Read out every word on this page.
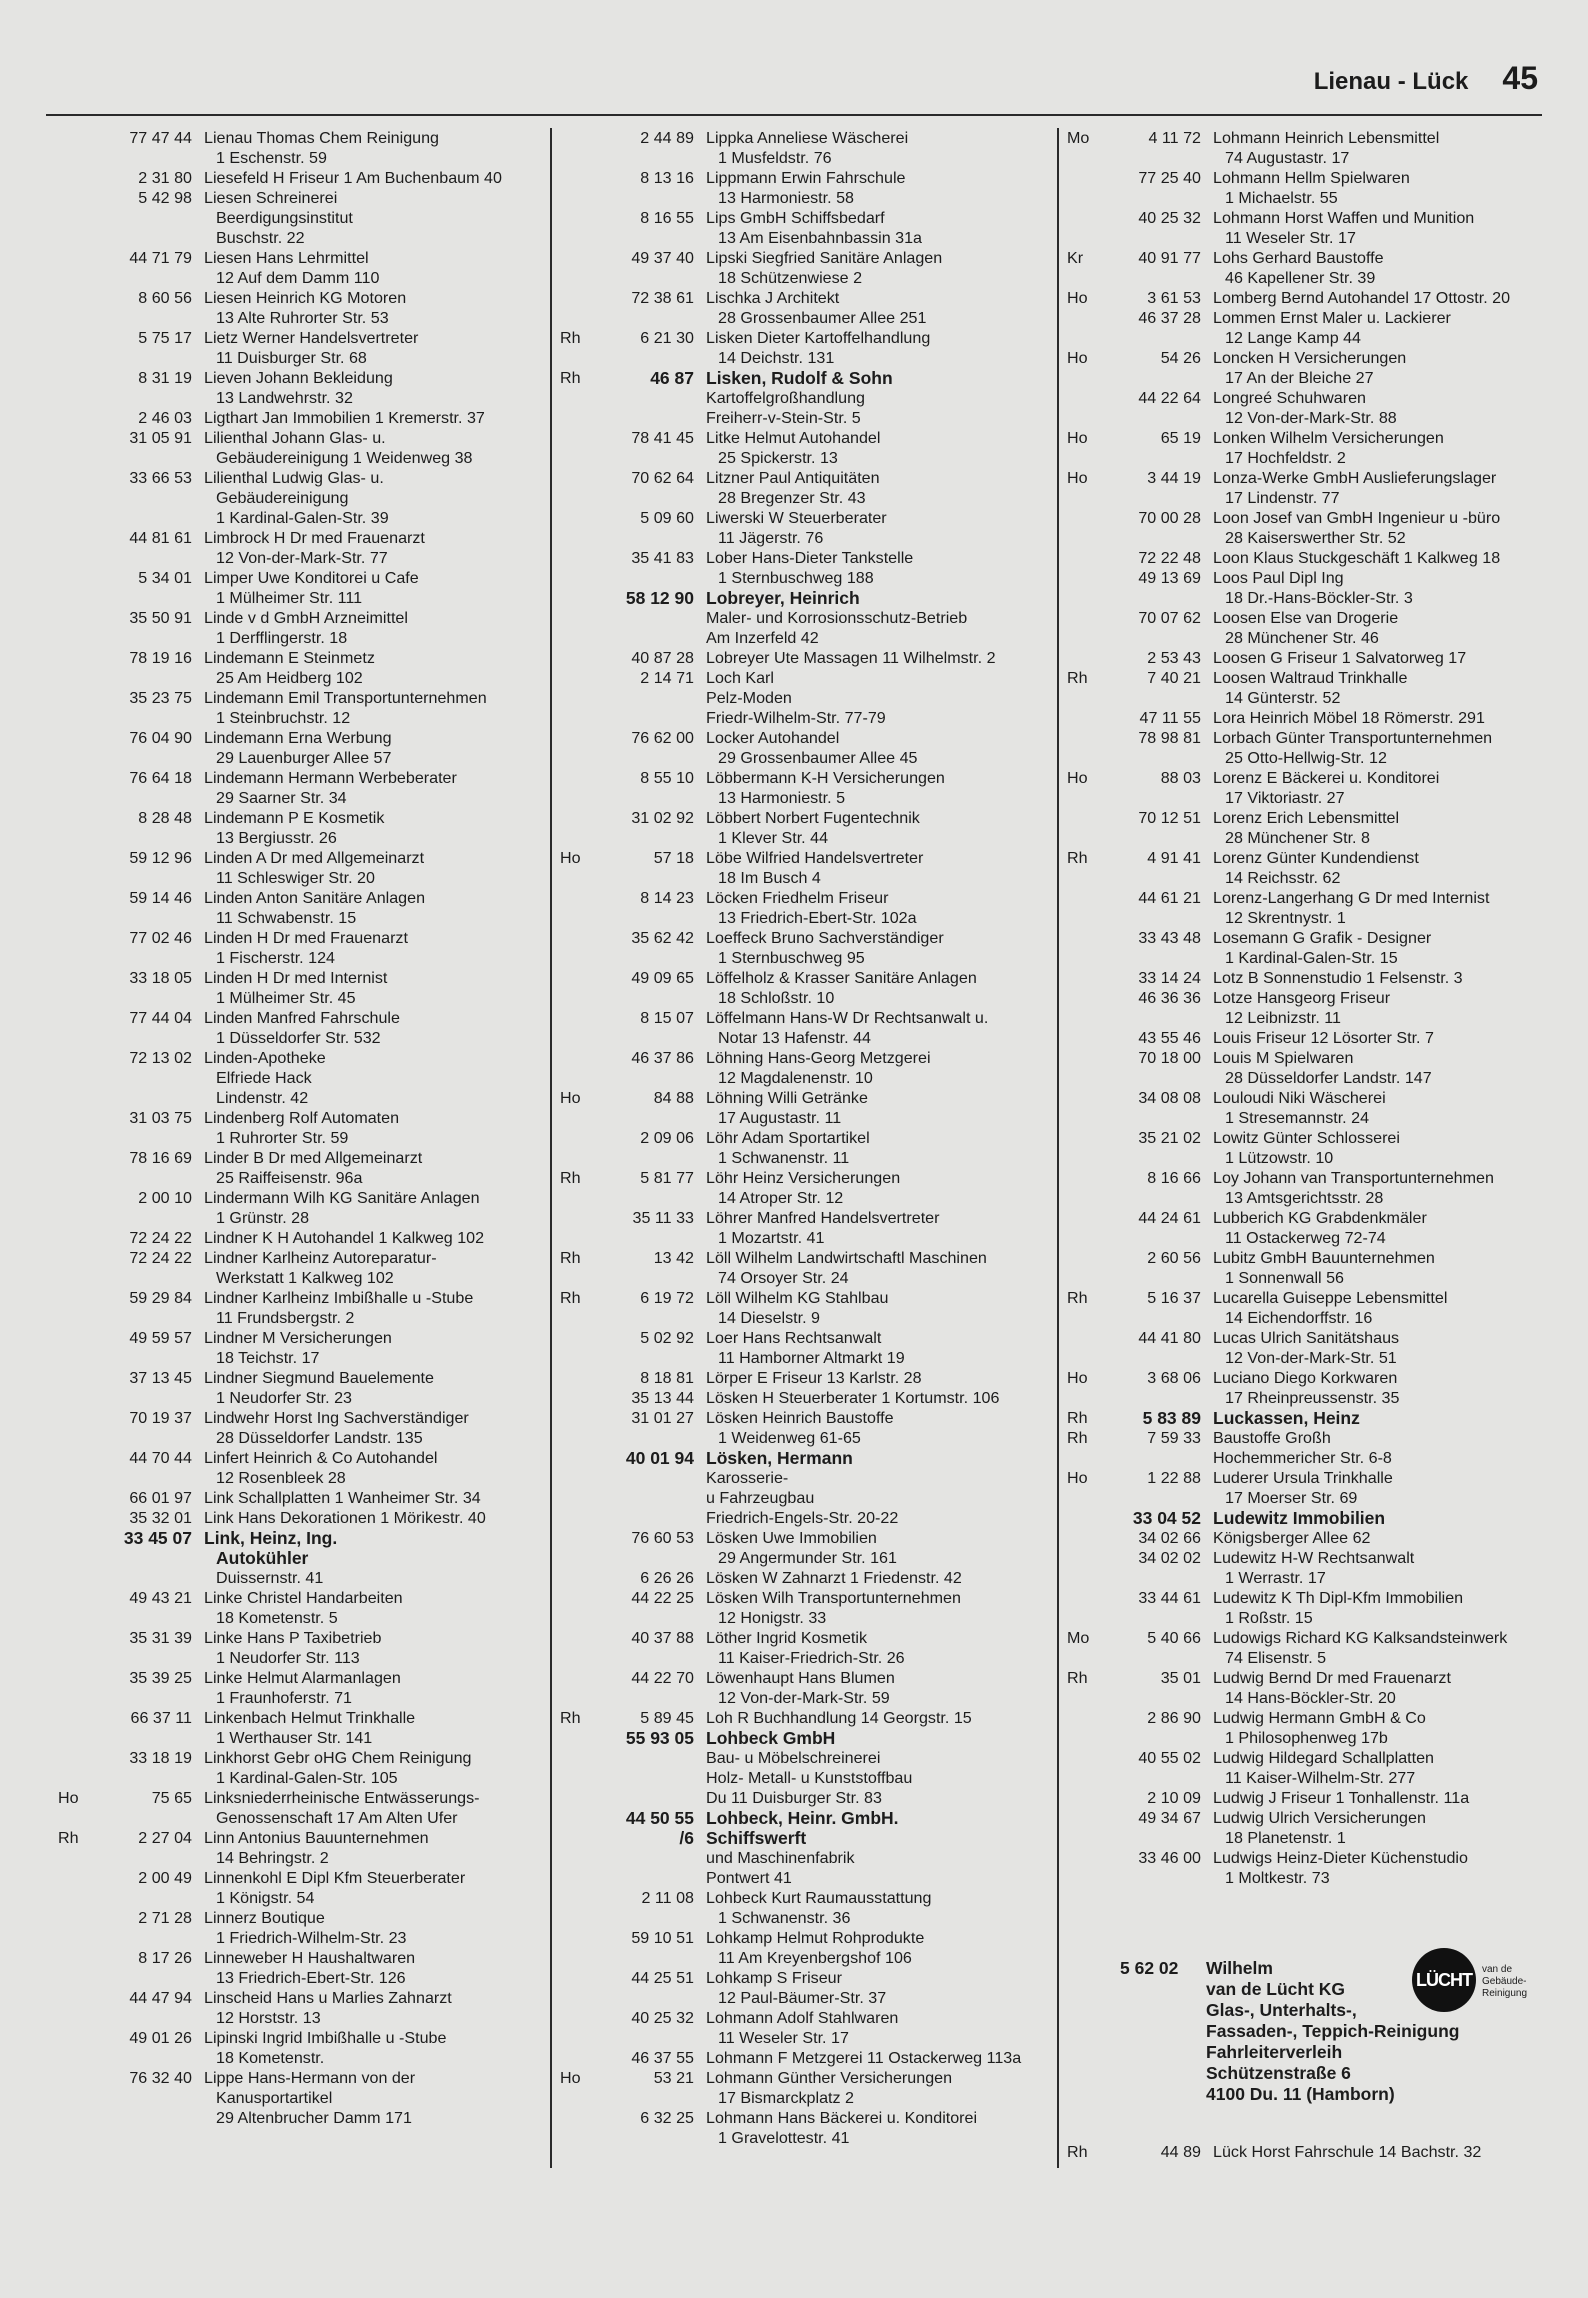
Lienau - Lück 45
77 47 44 Lienau Thomas Chem Reinigung
1 Eschenstr. 59
2 31 80 Liesefeld H Friseur 1 Am Buchenbaum 40
5 42 98 Liesen Schreinerei
Beerdigungsinstitut
Buschstr. 22
44 71 79 Liesen Hans Lehrmittel
12 Auf dem Damm 110
8 60 56 Liesen Heinrich KG Motoren
13 Alte Ruhrorter Str. 53
5 75 17 Lietz Werner Handelsvertreter
11 Duisburger Str. 68
8 31 19 Lieven Johann Bekleidung
13 Landwehrstr. 32
2 46 03 Ligthart Jan Immobilien 1 Kremerstr. 37
31 05 91 Lilienthal Johann Glas- u.
Gebäudereinigung 1 Weidenweg 38
33 66 53 Lilienthal Ludwig Glas- u.
Gebäudereinigung
1 Kardinal-Galen-Str. 39
44 81 61 Limbrock H Dr med Frauenarzt
12 Von-der-Mark-Str. 77
5 34 01 Limper Uwe Konditorei u Cafe
1 Mülheimer Str. 111
35 50 91 Linde v d GmbH Arzneimittel
1 Derfflingerstr. 18
78 19 16 Lindemann E Steinmetz
25 Am Heidberg 102
35 23 75 Lindemann Emil Transportunternehmen
1 Steinbruchstr. 12
76 04 90 Lindemann Erna Werbung
29 Lauenburger Allee 57
76 64 18 Lindemann Hermann Werbeberater
29 Saarner Str. 34
8 28 48 Lindemann P E Kosmetik
13 Bergiusstr. 26
59 12 96 Linden A Dr med Allgemeinarzt
11 Schleswiger Str. 20
59 14 46 Linden Anton Sanitäre Anlagen
11 Schwabenstr. 15
77 02 46 Linden H Dr med Frauenarzt
1 Fischerstr. 124
33 18 05 Linden H Dr med Internist
1 Mülheimer Str. 45
77 44 04 Linden Manfred Fahrschule
1 Düsseldorfer Str. 532
72 13 02 Linden-Apotheke
Elfriede Hack
Lindenstr. 42
31 03 75 Lindenberg Rolf Automaten
1 Ruhrorter Str. 59
78 16 69 Linder B Dr med Allgemeinarzt
25 Raiffeisenstr. 96a
2 00 10 Lindermann Wilh KG Sanitäre Anlagen
1 Grünstr. 28
72 24 22 Lindner K H Autohandel 1 Kalkweg 102
72 24 22 Lindner Karlheinz Autoreparatur-
Werkstatt 1 Kalkweg 102
59 29 84 Lindner Karlheinz Imbißhalle u -Stube
11 Frundsbergstr. 2
49 59 57 Lindner M Versicherungen
18 Teichstr. 17
37 13 45 Lindner Siegmund Bauelemente
1 Neudorfer Str. 23
70 19 37 Lindwehr Horst Ing Sachverständiger
28 Düsseldorfer Landstr. 135
44 70 44 Linfert Heinrich & Co Autohandel
12 Rosenbleek 28
66 01 97 Link Schallplatten 1 Wanheimer Str. 34
35 32 01 Link Hans Dekorationen 1 Mörikestr. 40
33 45 07 Link, Heinz, Ing.
Autokühler
Duissernstr. 41
49 43 21 Linke Christel Handarbeiten
18 Kometenstr. 5
35 31 39 Linke Hans P Taxibetrieb
1 Neudorfer Str. 113
35 39 25 Linke Helmut Alarmanlagen
1 Fraunhoferstr. 71
66 37 11 Linkenbach Helmut Trinkhalle
1 Werthauser Str. 141
33 18 19 Linkhorst Gebr oHG Chem Reinigung
1 Kardinal-Galen-Str. 105
Ho	75 65 Linksniederrheinische Entwässerungs-
Genossenschaft 17 Am Alten Ufer
Rh	2 27 04 Linn Antonius Bauunternehmen
14 Behringstr. 2
2 00 49 Linnenkohl E Dipl Kfm Steuerberater
1 Königstr. 54
2 71 28 Linnerz Boutique
1 Friedrich-Wilhelm-Str. 23
8 17 26 Linneweber H Haushaltwaren
13 Friedrich-Ebert-Str. 126
44 47 94 Linscheid Hans u Marlies Zahnarzt
12 Horststr. 13
49 01 26 Lipinski Ingrid Imbißhalle u -Stube
18 Kometenstr.
76 32 40 Lippe Hans-Hermann von der
Kanusportartikel
29 Altenbrucher Damm 171
2 44 89 Lippka Anneliese Wäscherei
1 Musfeldstr. 76
8 13 16 Lippmann Erwin Fahrschule
13 Harmoniestr. 58
8 16 55 Lips GmbH Schiffsbedarf
13 Am Eisenbahnbassin 31a
49 37 40 Lipski Siegfried Sanitäre Anlagen
18 Schützenwiese 2
72 38 61 Lischka J Architekt
28 Grossenbaumer Allee 251
Rh	6 21 30 Lisken Dieter Kartoffelhandlung
14 Deichstr. 131
Rh	46 87 Lisken, Rudolf & Sohn
Kartoffelgroßhandlung
Freiherr-v-Stein-Str. 5
78 41 45 Litke Helmut Autohandel
25 Spickerstr. 13
70 62 64 Litzner Paul Antiquitäten
28 Bregenzer Str. 43
5 09 60 Liwerski W Steuerberater
11 Jägerstr. 76
35 41 83 Lober Hans-Dieter Tankstelle
1 Sternbuschweg 188
58 12 90 Lobreyer, Heinrich
Maler- und Korrosionsschutz-Betrieb
Am Inzerfeld 42
40 87 28 Lobreyer Ute Massagen 11 Wilhelmstr. 2
2 14 71 Loch Karl
Pelz-Moden
Friedr-Wilhelm-Str. 77-79
76 62 00 Locker Autohandel
29 Grossenbaumer Allee 45
8 55 10 Löbbermann K-H Versicherungen
13 Harmoniestr. 5
31 02 92 Löbbert Norbert Fugentechnik
1 Klever Str. 44
Ho	57 18 Löbe Wilfried Handelsvertreter
18 Im Busch 4
8 14 23 Löcken Friedhelm Friseur
13 Friedrich-Ebert-Str. 102a
35 62 42 Loeffeck Bruno Sachverständiger
1 Sternbuschweg 95
49 09 65 Löffelholz & Krasser Sanitäre Anlagen
18 Schloßstr. 10
8 15 07 Löffelmann Hans-W Dr Rechtsanwalt u.
Notar 13 Hafenstr. 44
46 37 86 Löhning Hans-Georg Metzgerei
12 Magdalenenstr. 10
Ho	84 88 Löhning Willi Getränke
17 Augustastr. 11
2 09 06 Löhr Adam Sportartikel
1 Schwanenstr. 11
Rh	5 81 77 Löhr Heinz Versicherungen
14 Atroper Str. 12
35 11 33 Löhrer Manfred Handelsvertreter
1 Mozartstr. 41
Rh	13 42 Löll Wilhelm Landwirtschaftl Maschinen
74 Orsoyer Str. 24
Rh	6 19 72 Löll Wilhelm KG Stahlbau
14 Dieselstr. 9
5 02 92 Loer Hans Rechtsanwalt
11 Hamborner Altmarkt 19
8 18 81 Lörper E Friseur 13 Karlstr. 28
35 13 44 Lösken H Steuerberater 1 Kortumstr. 106
31 01 27 Lösken Heinrich Baustoffe
1 Weidenweg 61-65
40 01 94 Lösken, Hermann
Karosserie-
u Fahrzeugbau
Friedrich-Engels-Str. 20-22
76 60 53 Lösken Uwe Immobilien
29 Angermunder Str. 161
6 26 26 Lösken W Zahnarzt 1 Friedenstr. 42
44 22 25 Lösken Wilh Transportunternehmen
12 Honigstr. 33
40 37 88 Löther Ingrid Kosmetik
11 Kaiser-Friedrich-Str. 26
44 22 70 Löwenhaupt Hans Blumen
12 Von-der-Mark-Str. 59
Rh	5 89 45 Loh R Buchhandlung 14 Georgstr. 15
55 93 05 Lohbeck GmbH
Bau- u Möbelschreinerei
Holz- Metall- u Kunststoffbau
Du 11 Duisburger Str. 83
44 50 55 Lohbeck, Heinr. GmbH.
/6 Schiffswerft
und Maschinenfabrik
Pontwert 41
2 11 08 Lohbeck Kurt Raumausstattung
1 Schwanenstr. 36
59 10 51 Lohkamp Helmut Rohprodukte
11 Am Kreyenbergshof 106
44 25 51 Lohkamp S Friseur
12 Paul-Bäumer-Str. 37
40 25 32 Lohmann Adolf Stahlwaren
11 Weseler Str. 17
46 37 55 Lohmann F Metzgerei 11 Ostackerweg 113a
Ho	53 21 Lohmann Günther Versicherungen
17 Bismarckplatz 2
6 32 25 Lohmann Hans Bäckerei u. Konditorei
1 Gravelottestr. 41
Mo	4 11 72 Lohmann Heinrich Lebensmittel
74 Augustastr. 17
77 25 40 Lohmann Hellm Spielwaren
1 Michaelstr. 55
40 25 32 Lohmann Horst Waffen und Munition
11 Weseler Str. 17
Kr	40 91 77 Lohs Gerhard Baustoffe
46 Kapellener Str. 39
Ho	3 61 53 Lomberg Bernd Autohandel 17 Ottostr. 20
46 37 28 Lommen Ernst Maler u. Lackierer
12 Lange Kamp 44
Ho	54 26 Loncken H Versicherungen
17 An der Bleiche 27
44 22 64 Longreé Schuhwaren
12 Von-der-Mark-Str. 88
Ho	65 19 Lonken Wilhelm Versicherungen
17 Hochfeldstr. 2
Ho	3 44 19 Lonza-Werke GmbH Auslieferungslager
17 Lindenstr. 77
70 00 28 Loon Josef van GmbH Ingenieur u -büro
28 Kaiserswerther Str. 52
72 22 48 Loon Klaus Stuckgeschäft 1 Kalkweg 18
49 13 69 Loos Paul Dipl Ing
18 Dr.-Hans-Böckler-Str. 3
70 07 62 Loosen Else van Drogerie
28 Münchener Str. 46
2 53 43 Loosen G Friseur 1 Salvatorweg 17
Rh	7 40 21 Loosen Waltraud Trinkhalle
14 Günterstr. 52
47 11 55 Lora Heinrich Möbel 18 Römerstr. 291
78 98 81 Lorbach Günter Transportunternehmen
25 Otto-Hellwig-Str. 12
Ho	88 03 Lorenz E Bäckerei u. Konditorei
17 Viktoriastr. 27
70 12 51 Lorenz Erich Lebensmittel
28 Münchener Str. 8
Rh	4 91 41 Lorenz Günter Kundendienst
14 Reichsstr. 62
44 61 21 Lorenz-Langerhang G Dr med Internist
12 Skrentnystr. 1
33 43 48 Losemann G Grafik - Designer
1 Kardinal-Galen-Str. 15
33 14 24 Lotz B Sonnenstudio 1 Felsenstr. 3
46 36 36 Lotze Hansgeorg Friseur
12 Leibnizstr. 11
43 55 46 Louis Friseur 12 Lösorter Str. 7
70 18 00 Louis M Spielwaren
28 Düsseldorfer Landstr. 147
34 08 08 Louloudi Niki Wäscherei
1 Stresemannstr. 24
35 21 02 Lowitz Günter Schlosserei
1 Lützowstr. 10
8 16 66 Loy Johann van Transportunternehmen
13 Amtsgerichtsstr. 28
44 24 61 Lubberich KG Grabdenkmäler
11 Ostackerweg 72-74
2 60 56 Lubitz GmbH Bauunternehmen
1 Sonnenwall 56
Rh	5 16 37 Lucarella Guiseppe Lebensmittel
14 Eichendorffstr. 16
44 41 80 Lucas Ulrich Sanitätshaus
12 Von-der-Mark-Str. 51
Ho	3 68 06 Luciano Diego Korkwaren
17 Rheinpreussenstr. 35
Rh	5 83 89 Luckassen, Heinz
Rh	7 59 33 Baustoffe Großh
Hochemmericher Str. 6-8
Ho	1 22 88 Luderer Ursula Trinkhalle
17 Moerser Str. 69
33 04 52 Ludewitz Immobilien
34 02 66 Königsberger Allee 62
34 02 02 Ludewitz H-W Rechtsanwalt
1 Werrastr. 17
33 44 61 Ludewitz K Th Dipl-Kfm Immobilien
1 Roßstr. 15
Mo	5 40 66 Ludowigs Richard KG Kalksandsteinwerk
74 Elisenstr. 5
Rh	35 01 Ludwig Bernd Dr med Frauenarzt
14 Hans-Böckler-Str. 20
2 86 90 Ludwig Hermann GmbH & Co
1 Philosophenweg 17b
40 55 02 Ludwig Hildegard Schallplatten
11 Kaiser-Wilhelm-Str. 277
2 10 09 Ludwig J Friseur 1 Tonhallenstr. 11a
49 34 67 Ludwig Ulrich Versicherungen
18 Planetenstr. 1
33 46 00 Ludwigs Heinz-Dieter Küchenstudio
1 Moltkestr. 73
5 62 02 Wilhelm
van de Lücht KG
Glas-, Unterhalts-,
Fassaden-, Teppich-Reinigung
Fahrleiterverleih
Schützenstraße 6
4100 Du. 11 (Hamborn)
LÜCHT van de
Gebäude-
Reinigung
Rh	44 89 Lück Horst Fahrschule 14 Bachstr. 32
